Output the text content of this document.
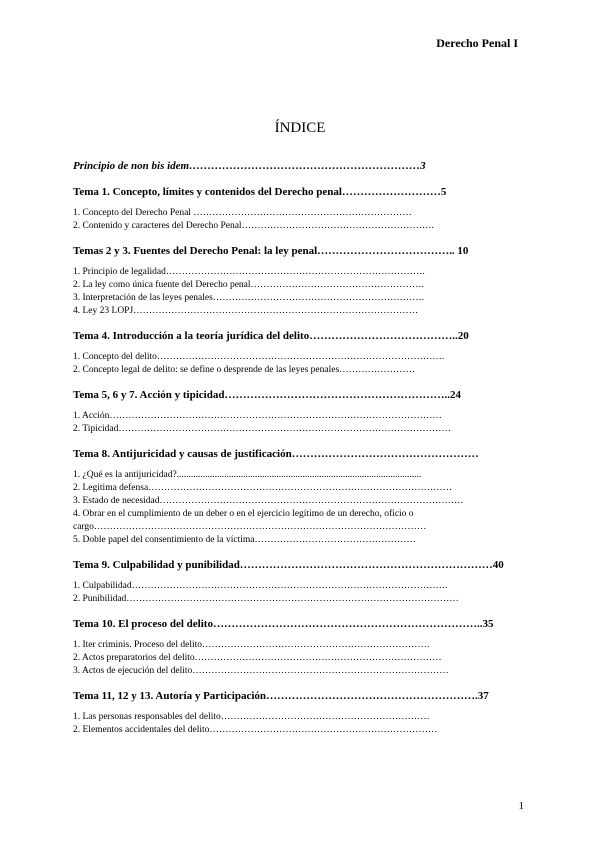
Derecho Penal I
ÍNDICE
Principio de non bis idem………………………………………………………3
Tema 1. Concepto, límites y contenidos del Derecho penal………………………5
1. Concepto del Derecho Penal ……………………………………………………………
2. Contenido y caracteres del Derecho Penal…………………………………………………….
Temas 2 y 3. Fuentes del Derecho Penal: la ley penal……………………………….. 10
1. Principio de legalidad……………………………………………………………………….
2. La ley como única fuente del Derecho penal……………………………………………….
3. Interpretación de las leyes penales………………………………………………………….
4. Ley 23 LOPJ………………………………………………………………………………
Tema 4. Introducción a la teoría jurídica del delito…………………………………..20
1. Concepto del delito……………………………………………………………………………….
2. Concepto legal de delito: se define o desprende de las leyes penales……………………
Tema 5, 6 y 7. Acción y tipicidad……………………………………………………..24
1. Acción……………………………………………………………………………………………
2. Tipicidad……………………………………………………………………………………………
Tema 8. Antijuricidad y causas de justificación……………………………………………
1. ¿Qué es la antijuricidad?.......................................................................................................
2. Legitima defensa……………………………………………………………………………………
3. Estado de necesidad……………………………………………………………………………………
4. Obrar en el cumplimiento de un deber o en el ejercicio legítimo de un derecho, oficio o
cargo……………………………………………………………………………………………
5. Doble papel del consentimiento de la víctima……………………………………………
Tema 9. Culpabilidad y punibilidad……………………………………………………………40
1. Culpabilidad……………………………………………………………………………………….
2. Punibilidad……………………………………………………………………………………………
Tema 10. El proceso del delito………………………………………………………………..35
1. Iter criminis. Proceso del delito………………………………………………………………
2. Actos preparatorios del delito……………………………………………………………………
3. Actos de ejecución del delito………………………………………………………………………
Tema 11, 12 y 13. Autoría y Participación………………………………………………….37
1. Las personas responsables del delito…………………………………………………………
2. Elementos accidentales del delito………………………………………………………………
1
